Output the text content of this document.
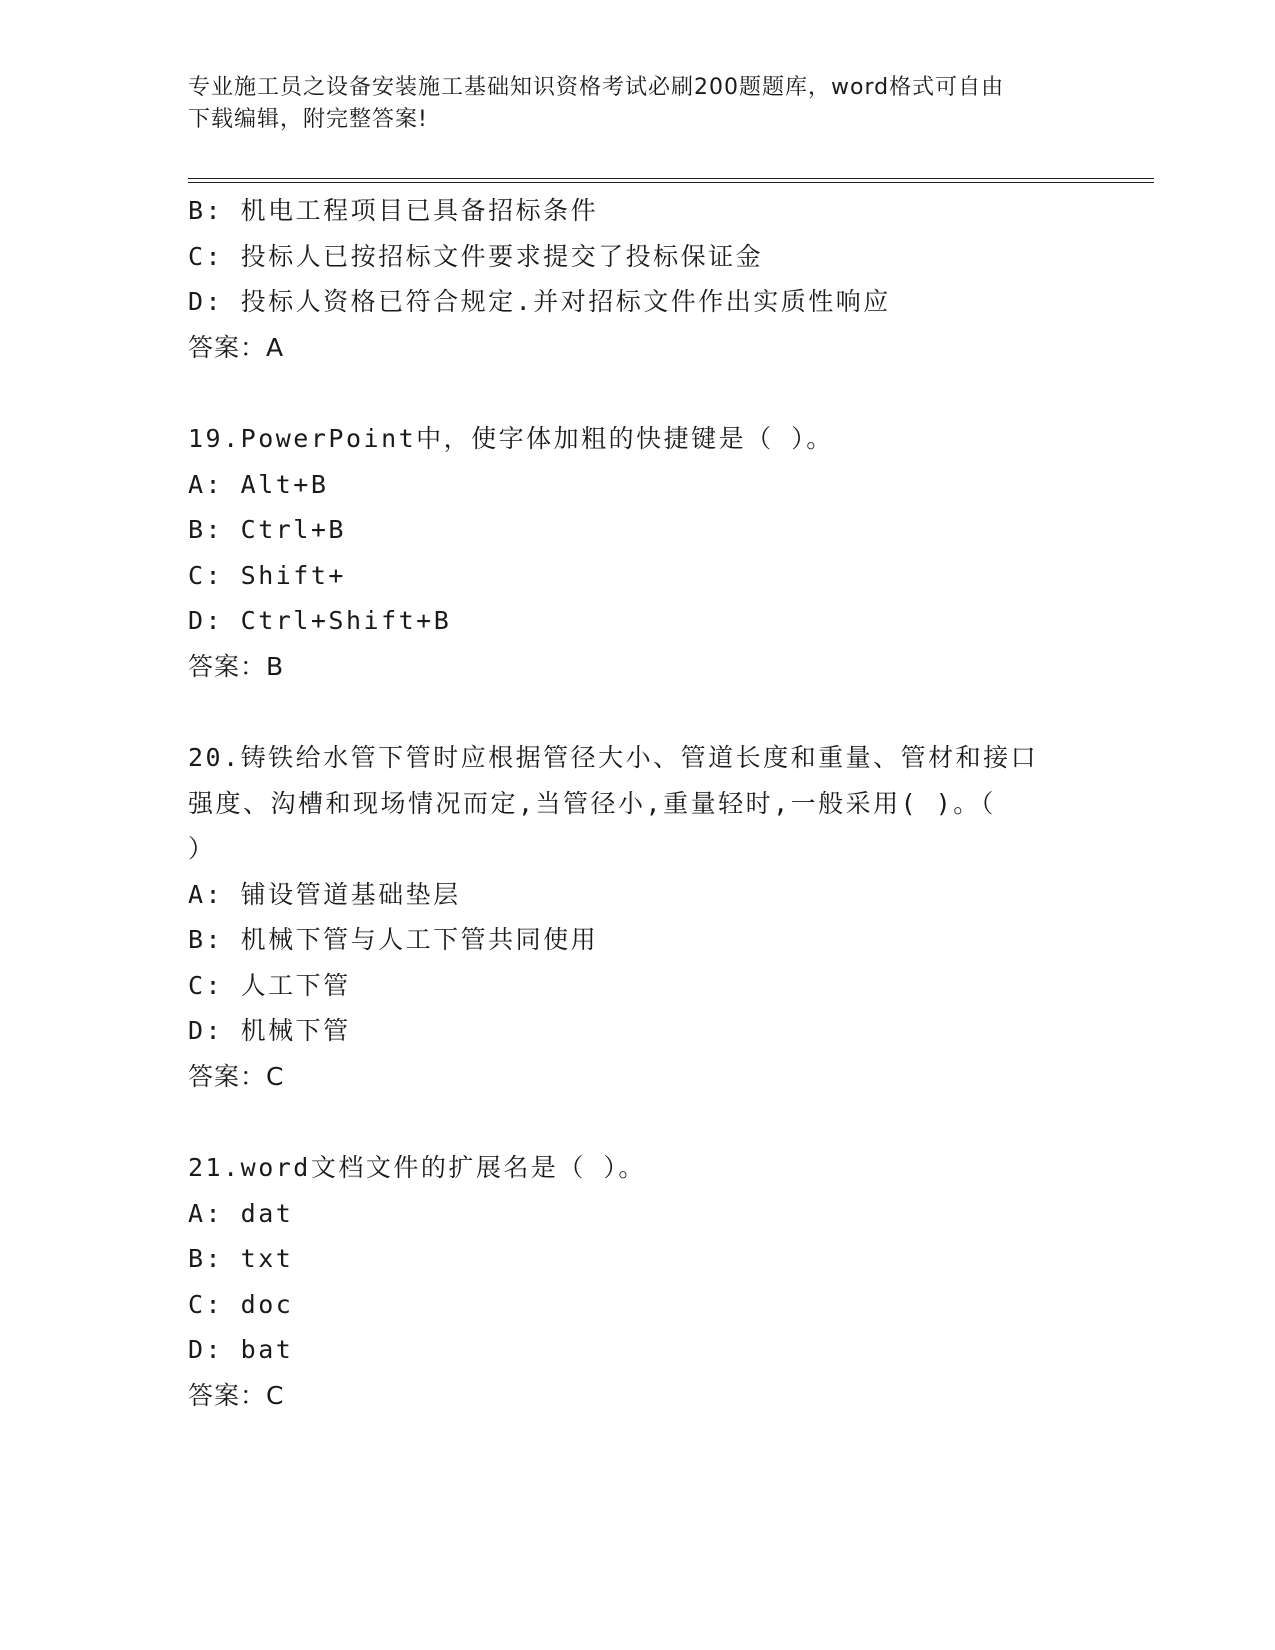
专业施工员之设备安装施工基础知识资格考试必刷200题题库，word格式可自由
下载编辑，附完整答案!
B: 机电工程项目已具备招标条件
C: 投标人已按招标文件要求提交了投标保证金
D: 投标人资格已符合规定.并对招标文件作出实质性响应
答案：A
19.PowerPoint中，使字体加粗的快捷键是（ ）。
A: Alt+B
B: Ctrl+B
C: Shift+
D: Ctrl+Shift+B
答案：B
20.铸铁给水管下管时应根据管径大小、管道长度和重量、管材和接口
强度、沟槽和现场情况而定,当管径小,重量轻时,一般采用( )。（
）
A: 铺设管道基础垫层
B: 机械下管与人工下管共同使用
C: 人工下管
D: 机械下管
答案：C
21.word文档文件的扩展名是（ ）。
A: dat
B: txt
C: doc
D: bat
答案：C
